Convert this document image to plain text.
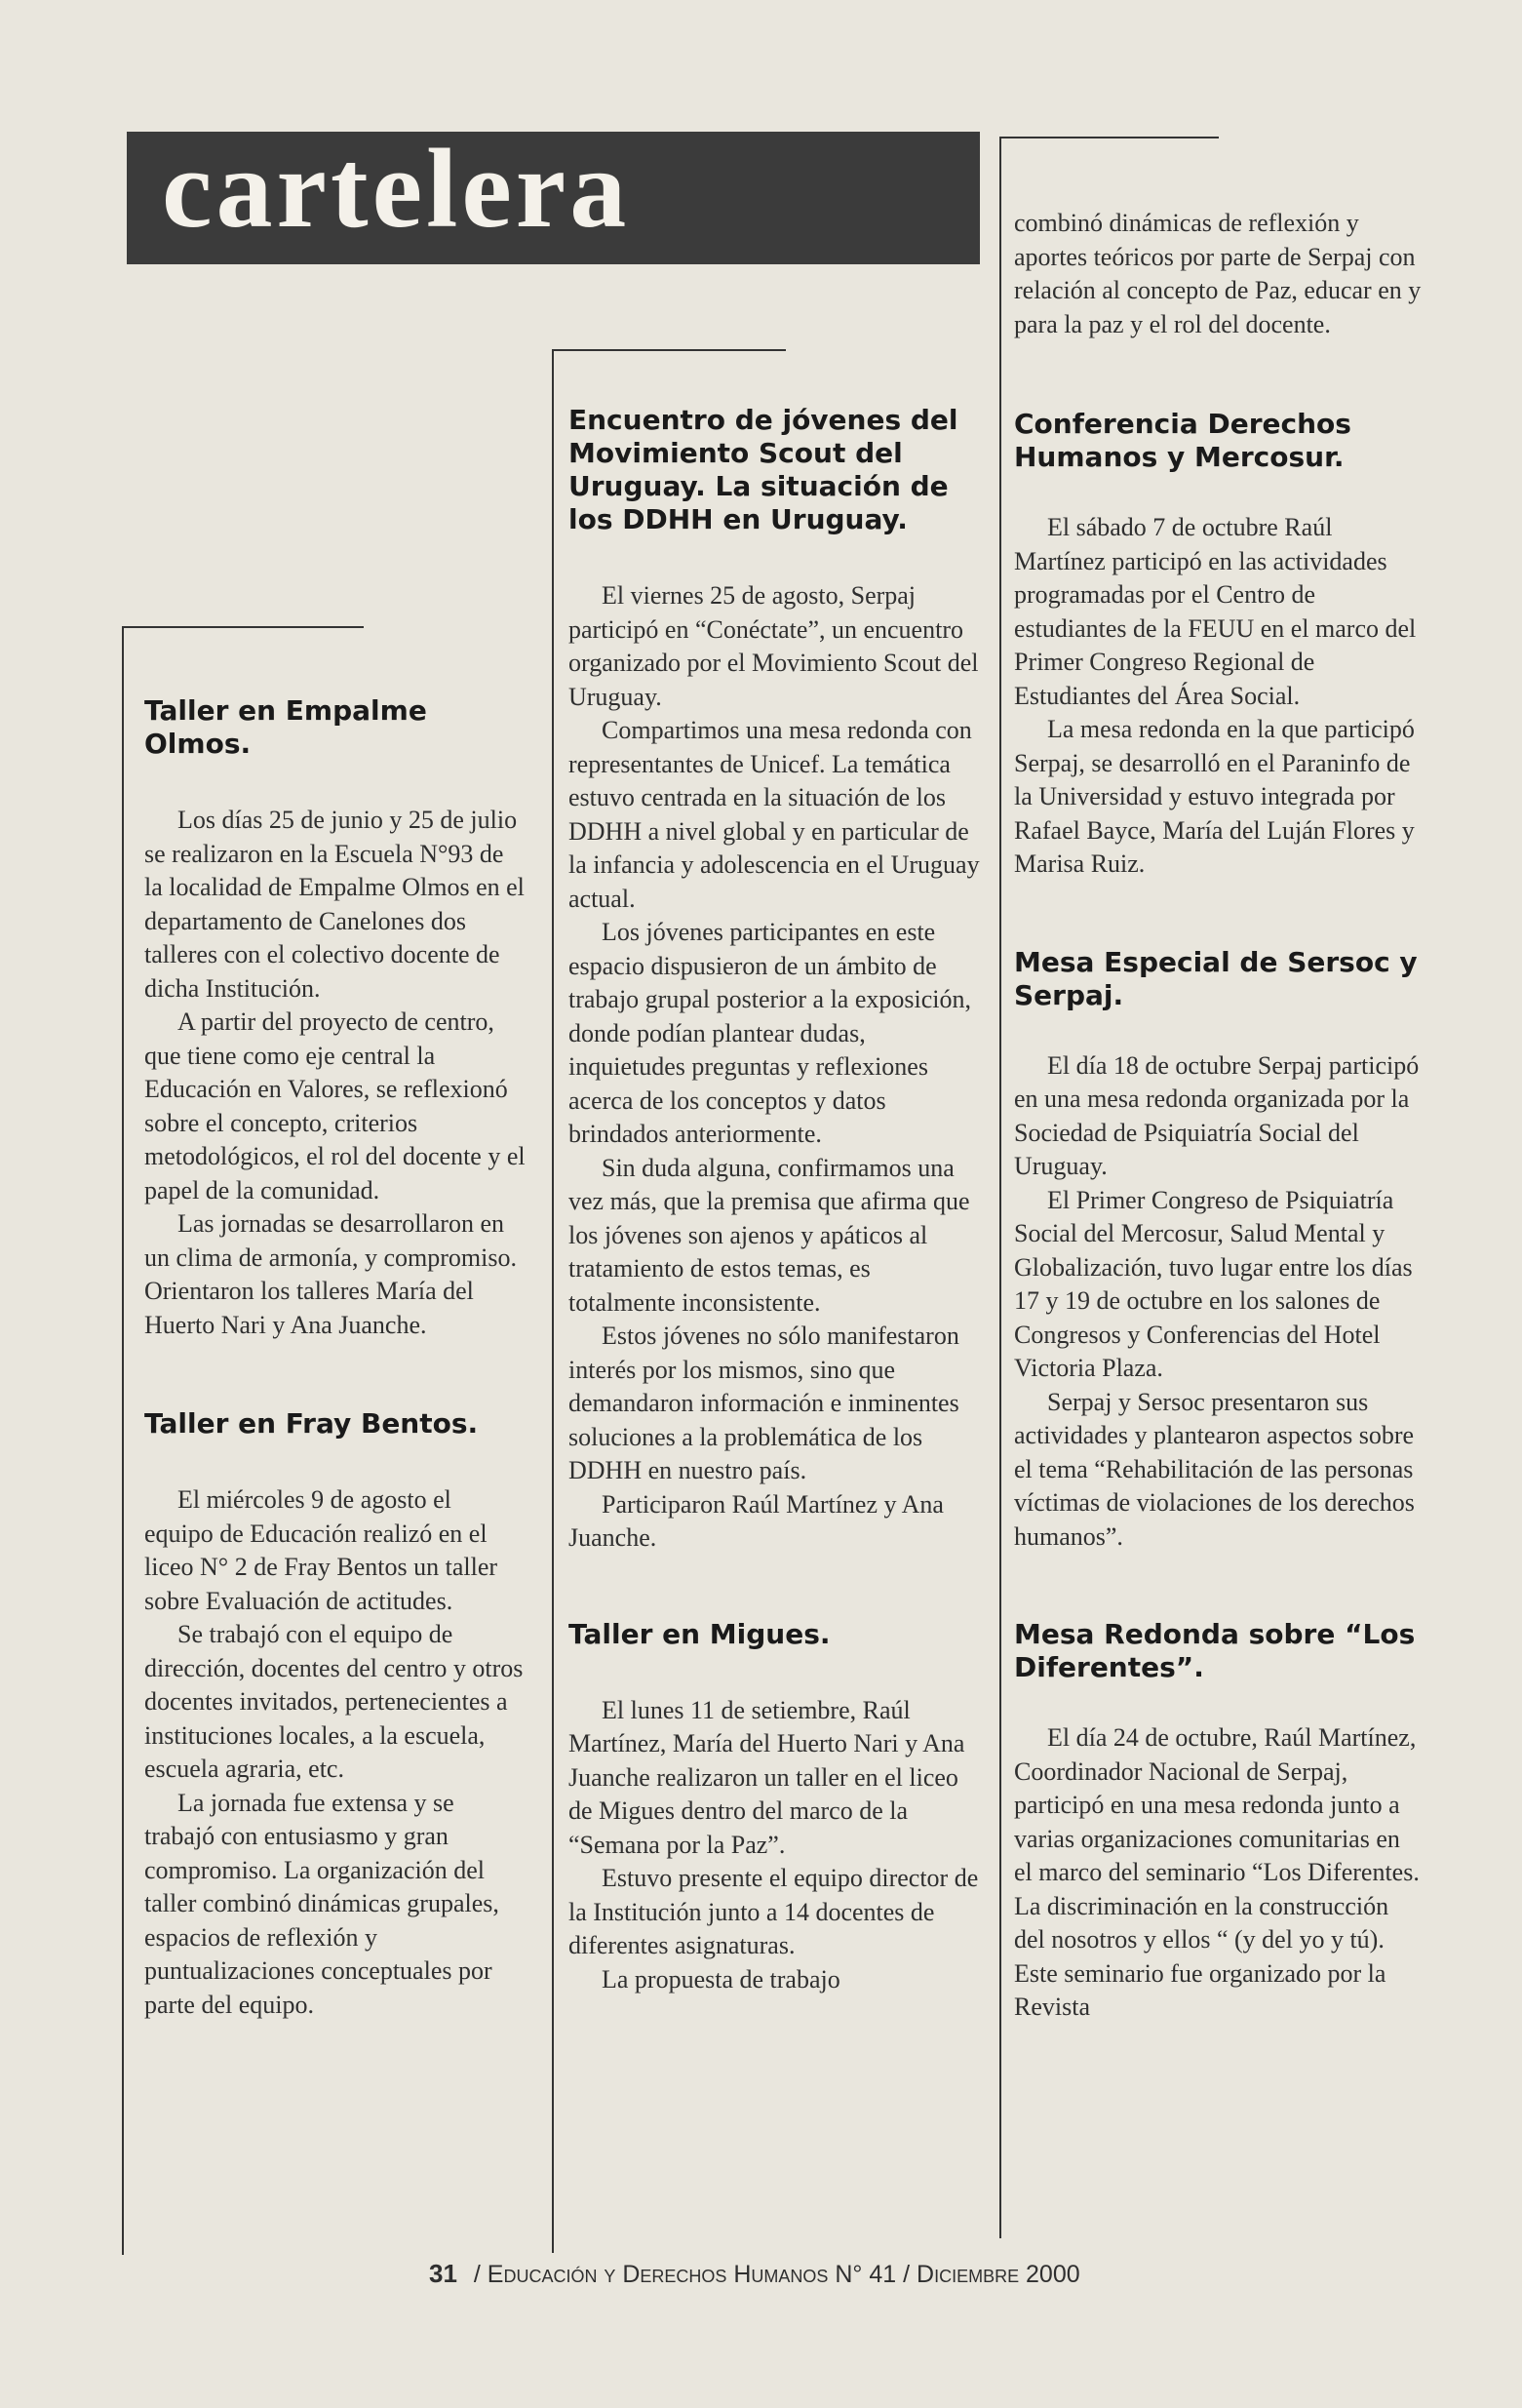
cartelera
Taller en Empalme Olmos.

Los días 25 de junio y 25 de julio se realizaron en la Escuela N°93 de la localidad de Empalme Olmos en el departamento de Canelones dos talleres con el colectivo docente de dicha Institución.

A partir del proyecto de centro, que tiene como eje central la Educación en Valores, se reflexionó sobre el concepto, criterios metodológicos, el rol del docente y el papel de la comunidad.

Las jornadas se desarrollaron en un clima de armonía, y compromiso. Orientaron los talleres María del Huerto Nari y Ana Juanche.

Taller en Fray Bentos.

El miércoles 9 de agosto el equipo de Educación realizó en el liceo N° 2 de Fray Bentos un taller sobre Evaluación de actitudes.

Se trabajó con el equipo de dirección, docentes del centro y otros docentes invitados, pertenecientes a instituciones locales, a la escuela, escuela agraria, etc.

La jornada fue extensa y se trabajó con entusiasmo y gran compromiso. La organización del taller combinó dinámicas grupales, espacios de reflexión y puntualizaciones conceptuales por parte del equipo.

Encuentro de jóvenes del Movimiento Scout del Uruguay. La situación de los DDHH en Uruguay.

El viernes 25 de agosto, Serpaj participó en “Conéctate”, un encuentro organizado por el Movimiento Scout del Uruguay.

Compartimos una mesa redonda con representantes de Unicef. La temática estuvo centrada en la situación de los DDHH a nivel global y en particular de la infancia y adolescencia en el Uruguay actual.

Los jóvenes participantes en este espacio dispusieron de un ámbito de trabajo grupal posterior a la exposición, donde podían plantear dudas, inquietudes preguntas y reflexiones acerca de los conceptos y datos brindados anteriormente.

Sin duda alguna, confirmamos una vez más, que la premisa que afirma que los jóvenes son ajenos y apáticos al tratamiento de estos temas, es totalmente inconsistente.

Estos jóvenes no sólo manifestaron interés por los mismos, sino que demandaron información e inminentes soluciones a la problemática de los DDHH en nuestro país.

Participaron Raúl Martínez y Ana Juanche.

Taller en Migues.

El lunes 11 de setiembre, Raúl Martínez, María del Huerto Nari y Ana Juanche realizaron un taller en el liceo de Migues dentro del marco de la “Semana por la Paz”.

Estuvo presente el equipo director de la Institución junto a 14 docentes de diferentes asignaturas.

La propuesta de trabajo

combinó dinámicas de reflexión y aportes teóricos por parte de Serpaj con relación al concepto de Paz, educar en y para la paz y el rol del docente.

Conferencia Derechos Humanos y Mercosur.

El sábado 7 de octubre Raúl Martínez participó en las actividades programadas por el Centro de estudiantes de la FEUU en el marco del Primer Congreso Regional de Estudiantes del Área Social.

La mesa redonda en la que participó Serpaj, se desarrolló en el Paraninfo de la Universidad y estuvo integrada por Rafael Bayce, María del Luján Flores y Marisa Ruiz.

Mesa Especial de Sersoc y Serpaj.

El día 18 de octubre Serpaj participó en una mesa redonda organizada por la Sociedad de Psiquiatría Social del Uruguay.

El Primer Congreso de Psiquiatría Social del Mercosur, Salud Mental y Globalización, tuvo lugar entre los días 17 y 19 de octubre en los salones de Congresos y Conferencias del Hotel Victoria Plaza.

Serpaj y Sersoc presentaron sus actividades y plantearon aspectos sobre el tema “Rehabilitación de las personas víctimas de violaciones de los derechos humanos”.

Mesa Redonda sobre “Los Diferentes”.

El día 24 de octubre, Raúl Martínez, Coordinador Nacional de Serpaj, participó en una mesa redonda junto a varias organizaciones comunitarias en el marco del seminario “Los Diferentes. La discriminación en la construcción del nosotros y ellos “ (y del yo y tú). Este seminario fue organizado por la Revista

31 / Educación y Derechos Humanos N° 41 / Diciembre 2000
